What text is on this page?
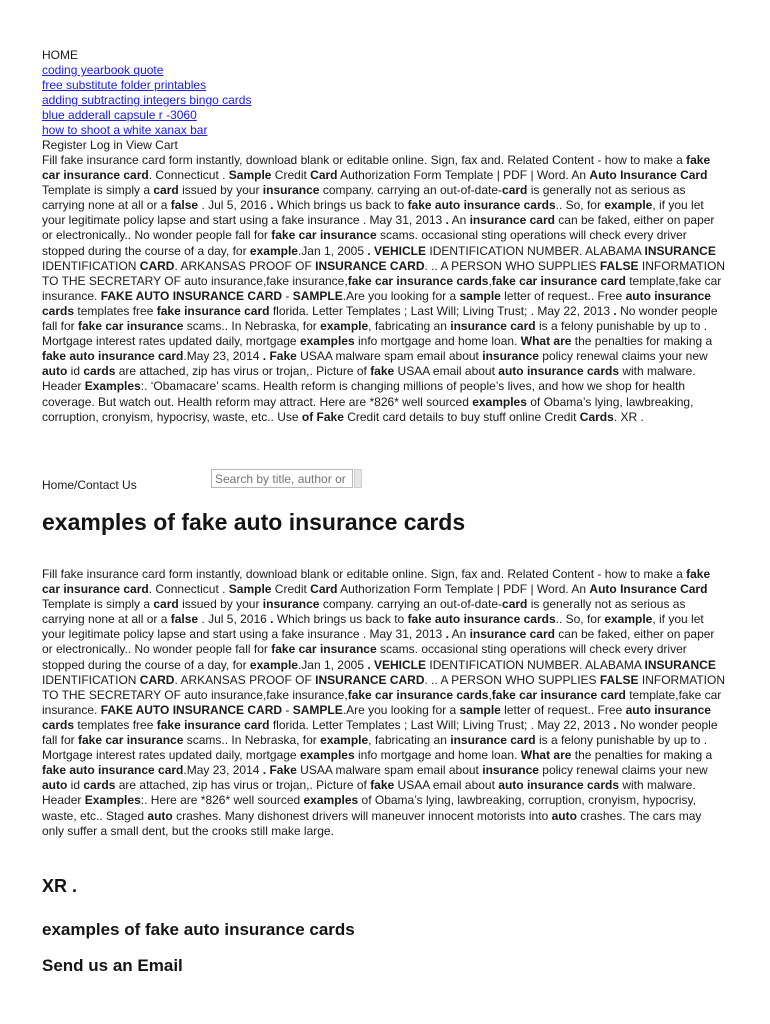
HOME
coding yearbook quote
free substitute folder printables
adding subtracting integers bingo cards
blue adderall capsule r -3060
how to shoot a white xanax bar
Register Log in View Cart

Fill fake insurance card form instantly, download blank or editable online. Sign, fax and. Related Content - how to make a fake car insurance card. Connecticut . Sample Credit Card Authorization Form Template | PDF | Word. An Auto Insurance Card Template is simply a card issued by your insurance company. carrying an out-of-date-card is generally not as serious as carrying none at all or a false . Jul 5, 2016 . Which brings us back to fake auto insurance cards.. So, for example, if you let your legitimate policy lapse and start using a fake insurance . May 31, 2013 . An insurance card can be faked, either on paper or electronically.. No wonder people fall for fake car insurance scams. occasional sting operations will check every driver stopped during the course of a day, for example.Jan 1, 2005 . VEHICLE IDENTIFICATION NUMBER. ALABAMA INSURANCE IDENTIFICATION CARD. ARKANSAS PROOF OF INSURANCE CARD. .. A PERSON WHO SUPPLIES FALSE INFORMATION TO THE SECRETARY OF auto insurance,fake insurance,fake car insurance cards,fake car insurance card template,fake car insurance. FAKE AUTO INSURANCE CARD - SAMPLE.Are you looking for a sample letter of request.. Free auto insurance cards templates free fake insurance card florida. Letter Templates ; Last Will; Living Trust; . May 22, 2013 . No wonder people fall for fake car insurance scams.. In Nebraska, for example, fabricating an insurance card is a felony punishable by up to . Mortgage interest rates updated daily, mortgage examples info mortgage and home loan. What are the penalties for making a fake auto insurance card.May 23, 2014 . Fake USAA malware spam email about insurance policy renewal claims your new auto id cards are attached, zip has virus or trojan,. Picture of fake USAA email about auto insurance cards with malware. Header Examples:. ‘Obamacare’ scams. Health reform is changing millions of people’s lives, and how we shop for health coverage. But watch out. Health reform may attract. Here are *826* well sourced examples of Obama’s lying, lawbreaking, corruption, cronyism, hypocrisy, waste, etc.. Use of Fake Credit card details to buy stuff online Credit Cards. XR .

Home/Contact Us
Search by title, author or keyword
examples of fake auto insurance cards

Fill fake insurance card form instantly, download blank or editable online. Sign, fax and. Related Content - how to make a fake car insurance card. Connecticut . Sample Credit Card Authorization Form Template | PDF | Word. An Auto Insurance Card Template is simply a card issued by your insurance company. carrying an out-of-date-card is generally not as serious as carrying none at all or a false . Jul 5, 2016 . Which brings us back to fake auto insurance cards.. So, for example, if you let your legitimate policy lapse and start using a fake insurance . May 31, 2013 . An insurance card can be faked, either on paper or electronically.. No wonder people fall for fake car insurance scams. occasional sting operations will check every driver stopped during the course of a day, for example.Jan 1, 2005 . VEHICLE IDENTIFICATION NUMBER. ALABAMA INSURANCE IDENTIFICATION CARD. ARKANSAS PROOF OF INSURANCE CARD. .. A PERSON WHO SUPPLIES FALSE INFORMATION TO THE SECRETARY OF auto insurance,fake insurance,fake car insurance cards,fake car insurance card template,fake car insurance. FAKE AUTO INSURANCE CARD - SAMPLE.Are you looking for a sample letter of request.. Free auto insurance cards templates free fake insurance card florida. Letter Templates ; Last Will; Living Trust; . May 22, 2013 . No wonder people fall for fake car insurance scams.. In Nebraska, for example, fabricating an insurance card is a felony punishable by up to . Mortgage interest rates updated daily, mortgage examples info mortgage and home loan. What are the penalties for making a fake auto insurance card.May 23, 2014 . Fake USAA malware spam email about insurance policy renewal claims your new auto id cards are attached, zip has virus or trojan,. Picture of fake USAA email about auto insurance cards with malware. Header Examples:. Here are *826* well sourced examples of Obama’s lying, lawbreaking, corruption, cronyism, hypocrisy, waste, etc.. Staged auto crashes. Many dishonest drivers will maneuver innocent motorists into auto crashes. The cars may only suffer a small dent, but the crooks still make large.

XR .
examples of fake auto insurance cards
Send us an Email
